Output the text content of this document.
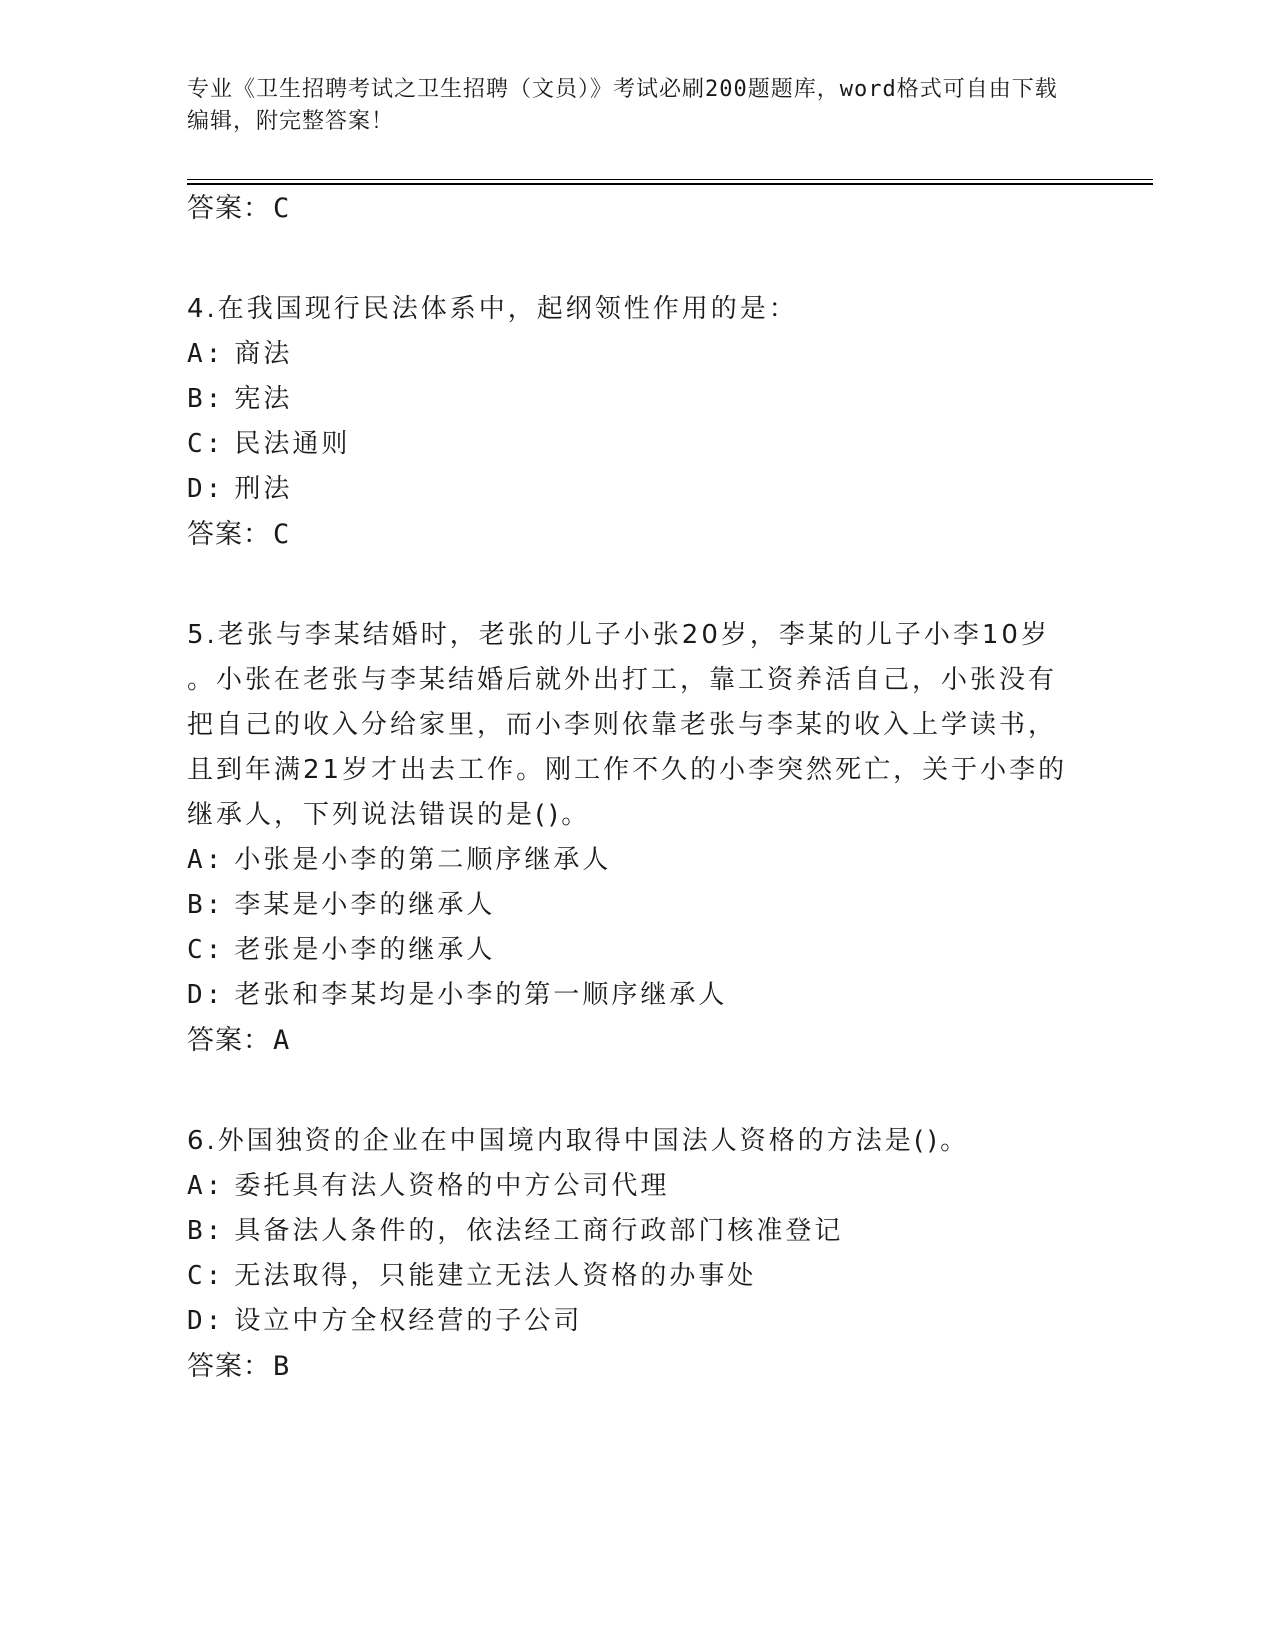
专业《卫生招聘考试之卫生招聘（文员）》考试必刷200题题库，word格式可自由下载编辑，附完整答案！
答案：C
4.在我国现行民法体系中，起纲领性作用的是：
A: 商法
B: 宪法
C: 民法通则
D: 刑法
答案：C
5.老张与李某结婚时，老张的儿子小张20岁，李某的儿子小李10岁
。小张在老张与李某结婚后就外出打工，靠工资养活自己，小张没有
把自己的收入分给家里，而小李则依靠老张与李某的收入上学读书，
且到年满21岁才出去工作。刚工作不久的小李突然死亡，关于小李的
继承人，下列说法错误的是()。
A: 小张是小李的第二顺序继承人
B: 李某是小李的继承人
C: 老张是小李的继承人
D: 老张和李某均是小李的第一顺序继承人
答案：A
6.外国独资的企业在中国境内取得中国法人资格的方法是()。
A: 委托具有法人资格的中方公司代理
B: 具备法人条件的，依法经工商行政部门核准登记
C: 无法取得，只能建立无法人资格的办事处
D: 设立中方全权经营的子公司
答案：B
